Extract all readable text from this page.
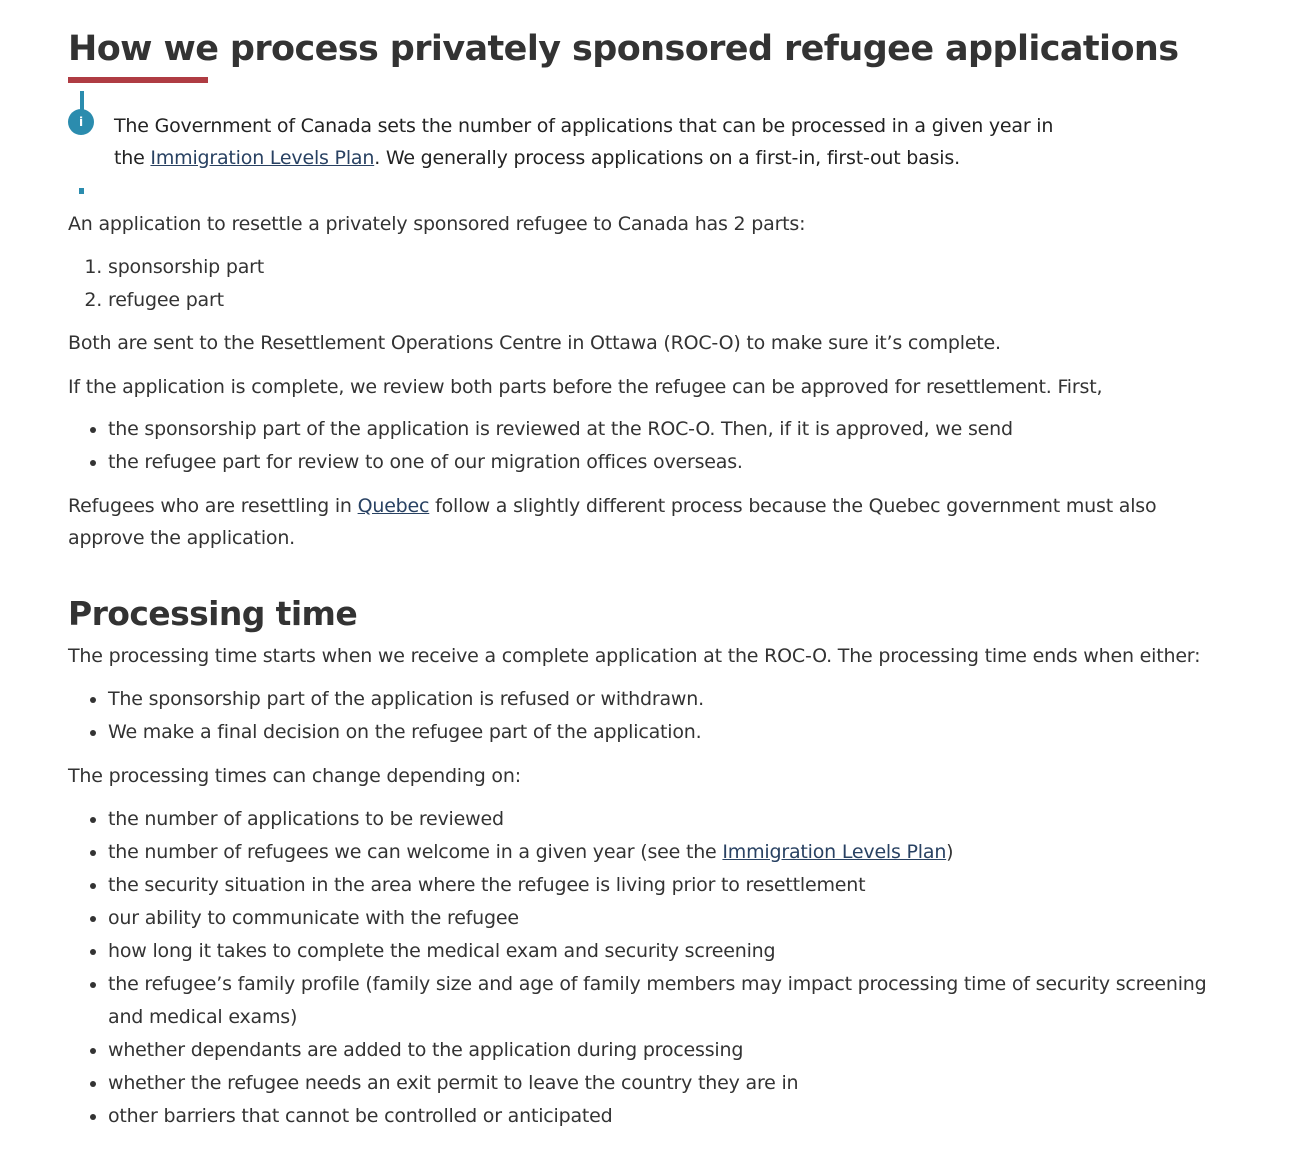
How we process privately sponsored refugee applications
i	The Government of Canada sets the number of applications that can be processed in a given year in the Immigration Levels Plan. We generally process applications on a first-in, first-out basis.

An application to resettle a privately sponsored refugee to Canada has 2 parts:

1. sponsorship part
2. refugee part

Both are sent to the Resettlement Operations Centre in Ottawa (ROC-O) to make sure it’s complete.

If the application is complete, we review both parts before the refugee can be approved for resettlement. First,

• the sponsorship part of the application is reviewed at the ROC-O. Then, if it is approved, we send
• the refugee part for review to one of our migration offices overseas.

Refugees who are resettling in Quebec follow a slightly different process because the Quebec government must also approve the application.

Processing time

The processing time starts when we receive a complete application at the ROC-O. The processing time ends when either:

• The sponsorship part of the application is refused or withdrawn.
• We make a final decision on the refugee part of the application.

The processing times can change depending on:

• the number of applications to be reviewed
• the number of refugees we can welcome in a given year (see the Immigration Levels Plan)
• the security situation in the area where the refugee is living prior to resettlement
• our ability to communicate with the refugee
• how long it takes to complete the medical exam and security screening
• the refugee’s family profile (family size and age of family members may impact processing time of security screening and medical exams)
• whether dependants are added to the application during processing
• whether the refugee needs an exit permit to leave the country they are in
• other barriers that cannot be controlled or anticipated
